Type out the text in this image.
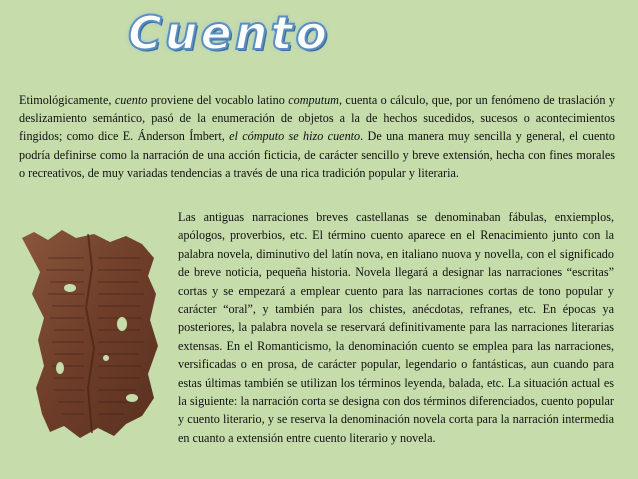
Cuento
Etimológicamente, cuento proviene del vocablo latino computum, cuenta o cálculo, que, por un fenómeno de traslación y deslizamiento semántico, pasó de la enumeración de objetos a la de hechos sucedidos, sucesos o acontecimientos fingidos; como dice E. Ánderson Ímbert, el cómputo se hizo cuento. De una manera muy sencilla y general, el cuento podría definirse como la narración de una acción ficticia, de carácter sencillo y breve extensión, hecha con fines morales o recreativos, de muy variadas tendencias a través de una rica tradición popular y literaria.
Las antiguas narraciones breves castellanas se denominaban fábulas, enxiemplos, apólogos, proverbios, etc. El término cuento aparece en el Renacimiento junto con la palabra novela, diminutivo del latín nova, en italiano nuova y novella, con el significado de breve noticia, pequeña historia. Novela llegará a designar las narraciones “escritas” cortas y se empezará a emplear cuento para las narraciones cortas de tono popular y carácter “oral”, y también para los chistes, anécdotas, refranes, etc. En épocas ya posteriores, la palabra novela se reservará definitivamente para las narraciones literarias extensas. En el Romanticismo, la denominación cuento se emplea para las narraciones, versificadas o en prosa, de carácter popular, legendario o fantásticas, aun cuando para estas últimas también se utilizan los términos leyenda, balada, etc. La situación actual es la siguiente: la narración corta se designa con dos términos diferenciados, cuento popular y cuento literario, y se reserva la denominación novela corta para la narración intermedia en cuanto a extensión entre cuento literario y novela.
